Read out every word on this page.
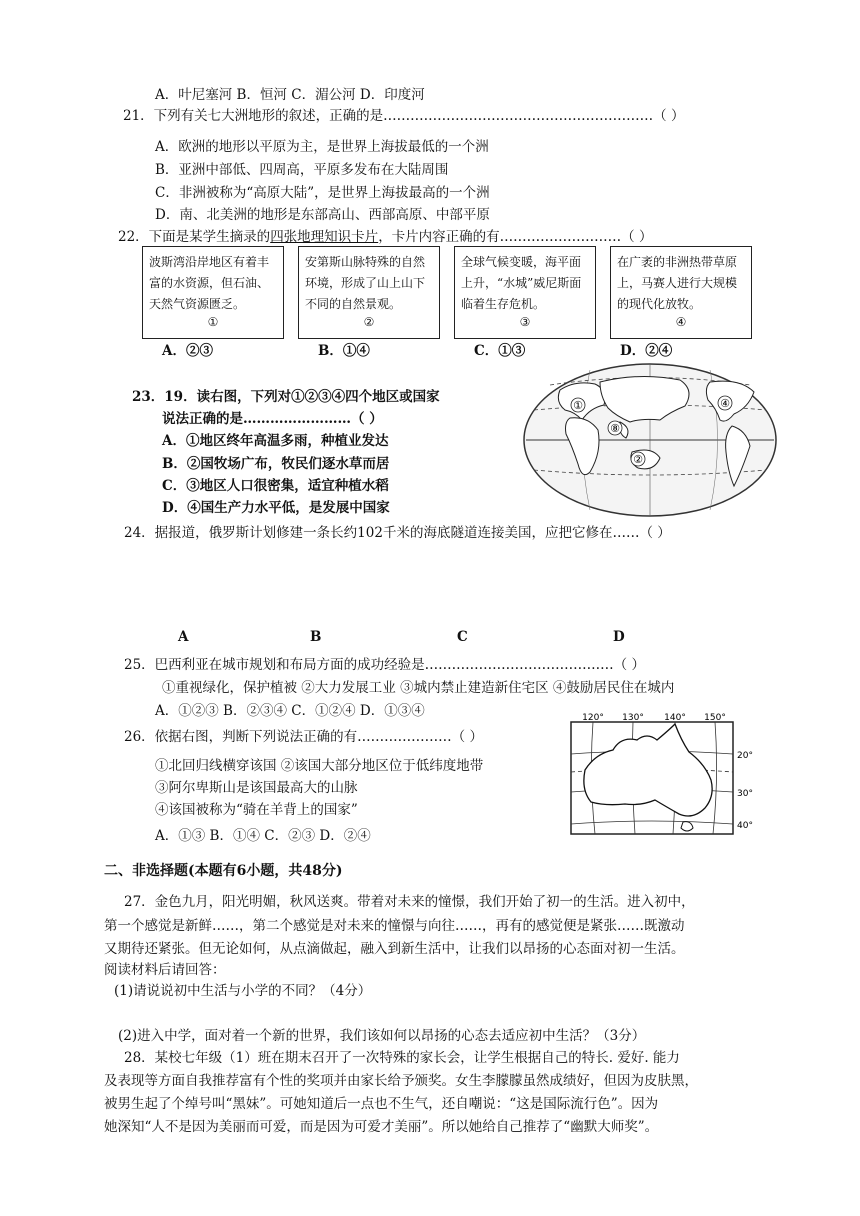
A．叶尼塞河 B．恒河 C．湄公河 D．印度河
21．下列有关七大洲地形的叙述，正确的是……………………………………………………（ ）
A．欧洲的地形以平原为主，是世界上海拔最低的一个洲
B．亚洲中部低、四周高，平原多发布在大陆周围
C．非洲被称为“高原大陆”，是世界上海拔最高的一个洲
D．南、北美洲的地形是东部高山、西部高原、中部平原
22．下面是某学生摘录的四张地理知识卡片，卡片内容正确的有………………………（ ）
波斯湾沿岸地区有着丰富的水资源，但石油、天然气资源匮乏。
①
安第斯山脉特殊的自然环境，形成了山上山下不同的自然景观。
②
全球气候变暖，海平面上升，“水城”威尼斯面临着生存危机。
③
在广袤的非洲热带草原上，马赛人进行大规模的现代化放牧。
④
A．②③	B．①④	C．①③	D．②④
23．19．读右图，下列对①②③④四个地区或国家
说法正确的是……………………（ ）
A．①地区终年高温多雨，种植业发达
B．②国牧场广布，牧民们逐水草而居
C．③地区人口很密集，适宜种植水稻
D．④国生产力水平低，是发展中国家
①	④
⑧
②
24．据报道，俄罗斯计划修建一条长约102千米的海底隧道连接美国，应把它修在……（ ）
A	B	C	D
25．巴西利亚在城市规划和布局方面的成功经验是……………………………………（ ）
①重视绿化，保护植被 ②大力发展工业 ③城内禁止建造新住宅区 ④鼓励居民住在城内
A．①②③ B．②③④ C．①②④ D．①③④
26．依据右图，判断下列说法正确的有…………………（ ）
①北回归线横穿该国 ②该国大部分地区位于低纬度地带
③阿尔卑斯山是该国最高大的山脉
④该国被称为“骑在羊背上的国家”
A．①③ B．①④ C．②③ D．②④
120° 130° 140° 150°
20°
30°
40°
二、非选择题(本题有6小题，共48分)
27．金色九月，阳光明媚，秋风送爽。带着对未来的憧憬，我们开始了初一的生活。进入初中，
第一个感觉是新鲜……，第二个感觉是对未来的憧憬与向往……，再有的感觉便是紧张……既激动
又期待还紧张。但无论如何，从点滴做起，融入到新生活中，让我们以昂扬的心态面对初一生活。
阅读材料后请回答：
(1)请说说初中生活与小学的不同？（4分）
(2)进入中学，面对着一个新的世界，我们该如何以昂扬的心态去适应初中生活？（3分）
28．某校七年级（1）班在期末召开了一次特殊的家长会，让学生根据自己的特长. 爱好. 能力
及表现等方面自我推荐富有个性的奖项并由家长给予颁奖。女生李朦朦虽然成绩好，但因为皮肤黑，
被男生起了个绰号叫“黑妹”。可她知道后一点也不生气，还自嘲说：“这是国际流行色”。因为
她深知“人不是因为美丽而可爱，而是因为可爱才美丽”。所以她给自己推荐了“幽默大师奖”。
